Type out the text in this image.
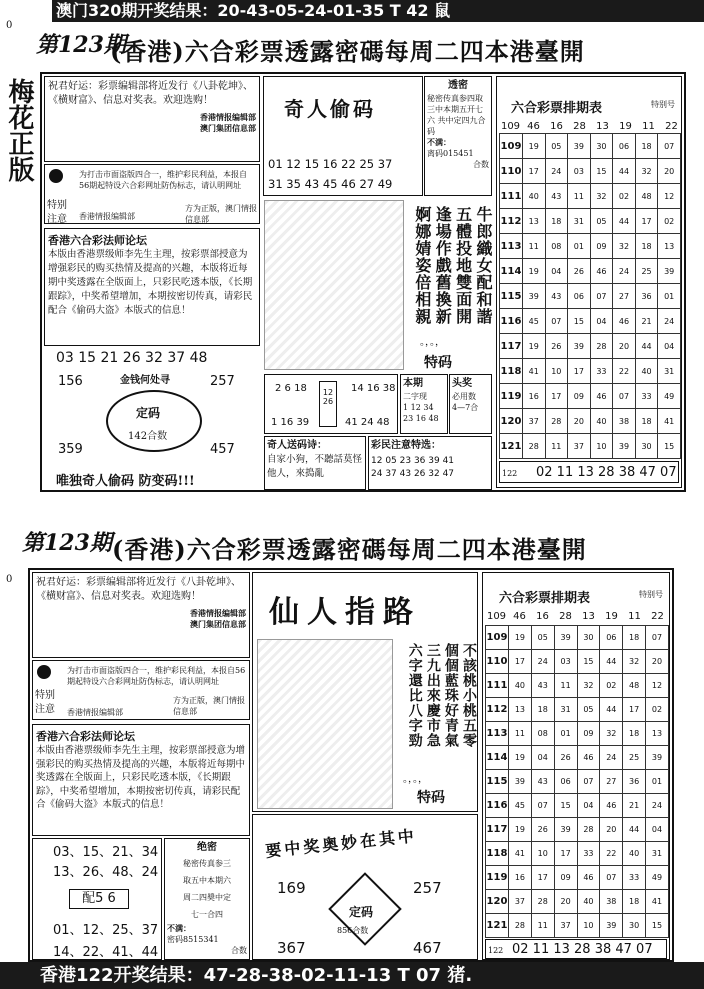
澳门320期开奖结果：20-43-05-24-01-35 T 42 鼠
0
第123期
(香港)六合彩票透露密碼每周二四本港臺開
梅花正版 祝君好运：彩票编辑部将近发行《八卦乾坤》、《横财富》、信息对奖表。欢迎选购！
香港情报编辑部
澳门集团信息部
特别注意
为打击市面盗版四合一，维护彩民利益，本报自56期起特设六合彩网址防伪标志，请认明网址
香港情报编辑部
方为正版，澳门情报信息部
香港六合彩法师论坛
本版由香港票级师李先生主理，按彩票部授意为增强彩民的购买热情及提高的兴趣，本版将近每期中奖透露在全版面上，只彩民吃透本版，《长期跟踪》，中奖希望增加，本期按密切传真，请彩民配合《偷码大盗》本版式的信息！
03 15 21 26 32 37 48
156	257
金钱何处寻
定码
142合数
359	457
唯独奇人偷码 防变码!!!
奇人偷码
01 12 15 16 22 25 37
31 35 43 45 46 27 49
透密
秘密传真参四取三中本期五开七六 共中定四九合码
不满：
离码015451
合数
牛郎織女配和諧
五體投地雙面開
逢場作戲舊換新
婀娜婧姿倍相親
。，。，
特码
2 6 18
1 16 39
12 26
14 16 38
41 24 48
本期
二字现
1 12 34
23 16 48
头奖
必用数
4—7合
奇人送码诗：
自家小狗，不聽話莫怪他人，來搗亂
彩民注意特选：
12 05 23 36 39 41
24 37 43 26 32 47
六合彩票排期表	特别号
109 46	16	28	13	19	11	22
109	19	05	39	30	06	18	07
110	17	24	03	15	44	32	20
111	40	43	11	32	02	48	12
112	13	18	31	05	44	17	02
113	11	08	01	09	32	18	13
114	19	04	26	46	24	25	39
115	39	43	06	07	27	36	01
116	45	07	15	04	46	21	24
117	19	26	39	28	20	44	04
118	41	10	17	33	22	40	31
119	16	17	09	46	07	33	49
120	37	28	20	40	38	18	41
121	28	11	37	10	39	30	15
122 02 11 13 28 38 47 07
第123期 (香港)六合彩票透露密碼每周二四本港臺開
0 祝君好运：彩票编辑部将近发行《八卦乾坤》、《横财富》、信息对奖表。欢迎选购！
香港情报编辑部
澳门集团信息部
特别注意
为打击市面盗版四合一，维护彩民利益，本报自56期起特设六合彩网址防伪标志，请认明网址
香港情报编辑部
方为正版，澳门情报信息部
香港六合彩法师论坛
本版由香港票级师李先生主理，按彩票部授意为增强彩民的购买热情及提高的兴趣，本版将近每期中奖透露在全版面上，只彩民吃透本版，《长期跟踪》，中奖希望增加，本期按密切传真，请彩民配合《偷码大盗》本版式的信息！
03、15、21、34
13、26、48、24
配5 6
01、12、25、37
14、22、41、44
绝密
秘密传真参三
取五中本期六
周二四奬中定
七一合四
不满：
密码8515341
合数
仙人指路
不該桃小桃五零
個個藍珠好青氣
三九出來慶市急
六字還比八字勁
。，。，
特码
要中奖奥妙在其中
169	257
定码
856合数
367	467
六合彩票排期表	特别号
109 46	16	28	13	19	11	22
109	19	05	39	30	06	18	07
110	17	24	03	15	44	32	20
111	40	43	11	32	02	48	12
112	13	18	31	05	44	17	02
113	11	08	01	09	32	18	13
114	19	04	26	46	24	25	39
115	39	43	06	07	27	36	01
116	45	07	15	04	46	21	24
117	19	26	39	28	20	44	04
118	41	10	17	33	22	40	31
119	16	17	09	46	07	33	49
120	37	28	20	40	38	18	41
121	28	11	37	10	39	30	15
122 02 11 13 28 38 47 07
香港122开奖结果：47-28-38-02-11-13 T 07 猪.
